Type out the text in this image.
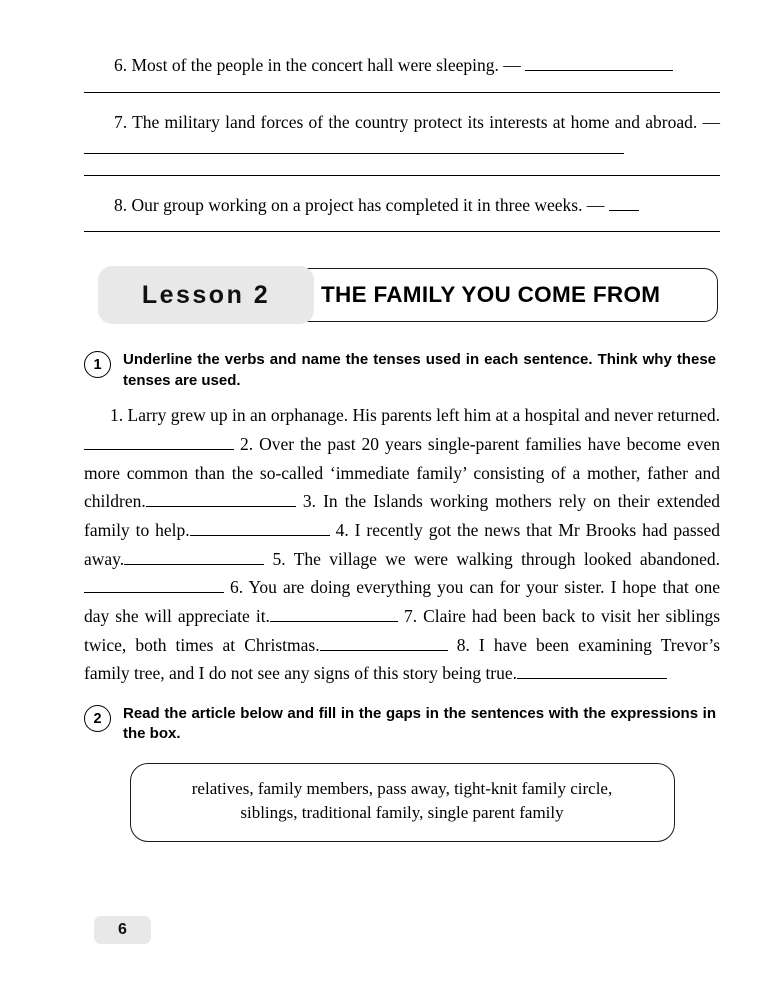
6. Most of the people in the concert hall were sleeping. —
7. The military land forces of the country protect its interests at home and abroad. —
8. Our group working on a project has completed it in three weeks. —
THE FAMILY YOU COME FROM
Lesson 2
1	Underline the verbs and name the tenses used in each sentence. Think why these tenses are used.
1. Larry grew up in an orphanage. His parents left him at a hospital and never returned. 2. Over the past 20 years single-parent families have become even more common than the so-called ‘immediate family’ consisting of a mother, father and children.	3. In the Islands working mothers rely on their extended family to help.	4. I recently got the news that Mr Brooks had passed away.	5. The village we were walking through looked abandoned. 6. You are doing everything you can for your sister. I hope that one day she will appreciate it.	7. Claire had been back to visit her siblings twice, both times at Christmas.	8. I have been examining Trevor’s family tree, and I do not see any signs of this story being true.
2	Read the article below and fill in the gaps in the sentences with the expressions in the box.
relatives, family members, pass away, tight-knit family circle,
siblings, traditional family, single parent family
6
